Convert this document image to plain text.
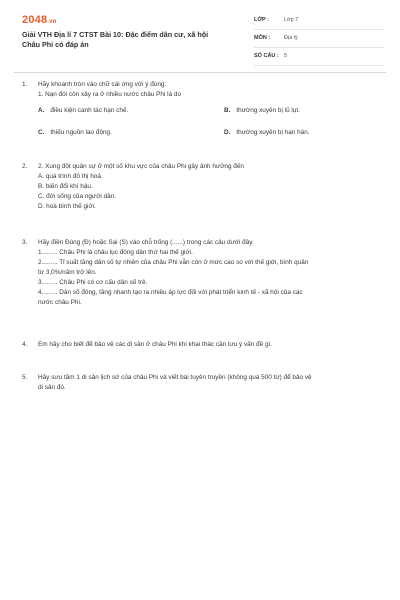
2048.vn
Giải VTH Địa lí 7 CTST Bài 10: Đặc điểm dân cư, xã hội
Châu Phi có đáp án
LỚP :	Lớp 7
MÔN :	Địa lý
SỐ CÂU : 5
1.	Hãy khoanh tròn vào chữ cái ứng với ý đúng:
1. Nạn đói còn xảy ra ở nhiều nước châu Phi là do
A. điều kiện canh tác hạn chế.	B. thường xuyên bị lũ lụt.
C. thiếu nguồn lao động.	D. thường xuyên bị hạn hán.
2.	2. Xung đột quân sự ở một số khu vực của châu Phi gây ảnh hưởng đến
A. quá trình đô thị hoá.
B. biến đổi khí hậu.
C. đời sống của người dân.
D. hoà bình thế giới.
3.	Hãy điền Đúng (Đ) hoặc Sai (S) vào chỗ trống (......) trong các câu dưới đây.
1......... Châu Phi là châu lục đông dân thứ hai thế giới.
2......... Tỉ suất tăng dân số tự nhiên của châu Phi vẫn còn ở mức cao so với thế giới, bình quân
từ 3,0%/năm trở lên.
3......... Châu Phi có cơ cấu dân số trẻ.
4......... Dân số đông, tăng nhanh tạo ra nhiều áp lực đối với phát triển kinh tế - xã hội của các
nước châu Phi.
4.	Em hãy cho biết để bảo vệ các di sản ở châu Phi khi khai thác cần lưu ý vấn đề gì.
5.	Hãy sưu tầm 1 di sản lịch sử của châu Phi và viết bài tuyên truyền (không quá 500 từ) để bảo vệ
di sản đó.
